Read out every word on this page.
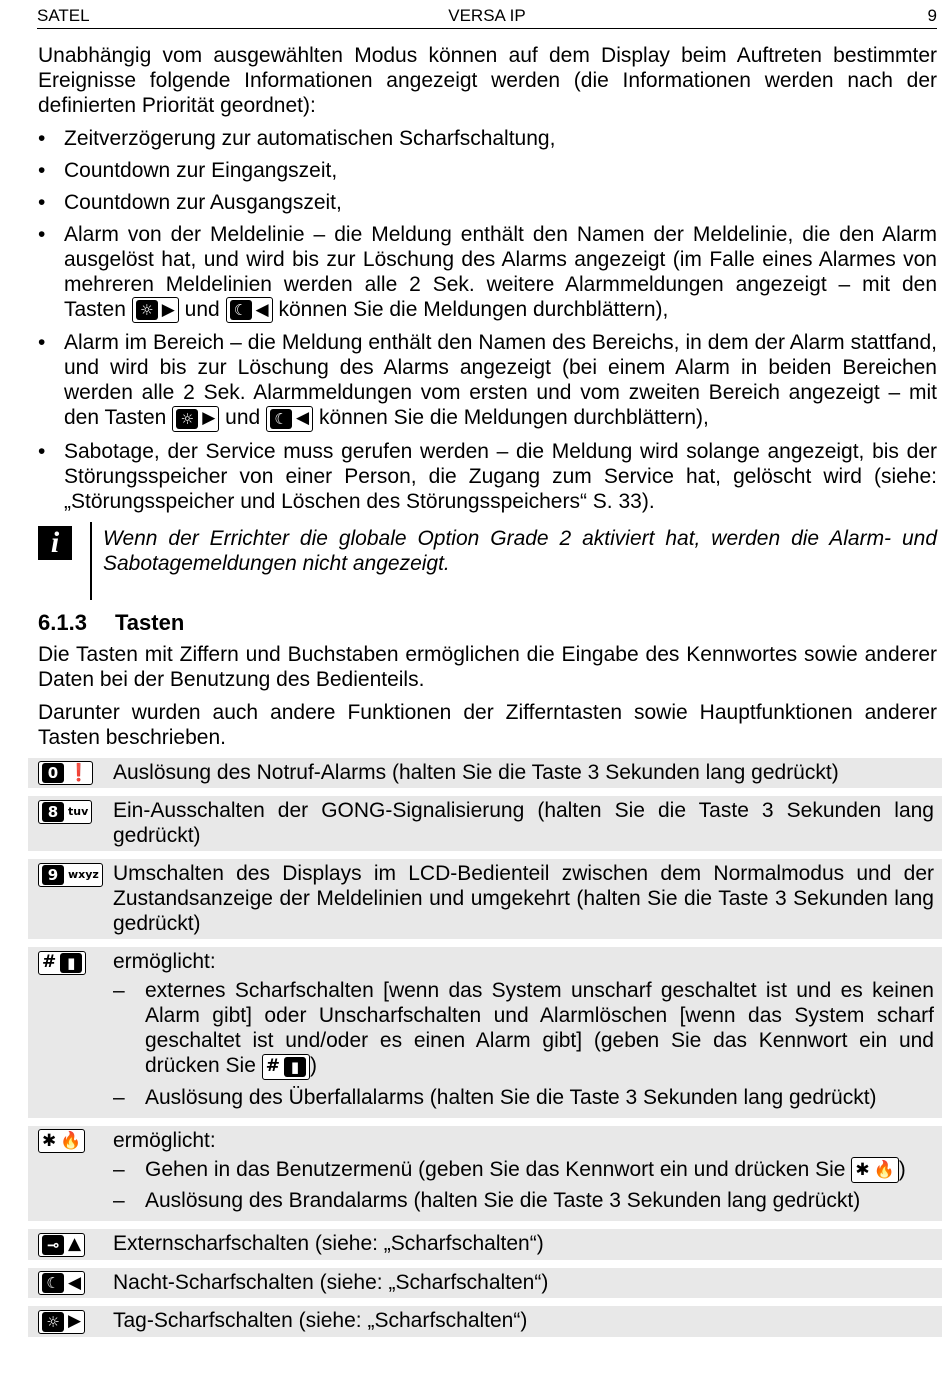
SATEL	VERSA IP	9

Unabhängig vom ausgewählten Modus können auf dem Display beim Auftreten bestimmter Ereignisse folgende Informationen angezeigt werden (die Informationen werden nach der definierten Priorität geordnet):

• Zeitverzögerung zur automatischen Scharfschaltung,
• Countdown zur Eingangszeit,
• Countdown zur Ausgangszeit,
• Alarm von der Meldelinie – die Meldung enthält den Namen der Meldelinie, die den Alarm ausgelöst hat, und wird bis zur Löschung des Alarms angezeigt (im Falle eines Alarmes von mehreren Meldelinien werden alle 2 Sek. weitere Alarmmeldungen angezeigt – mit den Tasten ☼ ▶ und ☾ ◀ können Sie die Meldungen durchblättern),
• Alarm im Bereich – die Meldung enthält den Namen des Bereichs, in dem der Alarm stattfand, und wird bis zur Löschung des Alarms angezeigt (bei einem Alarm in beiden Bereichen werden alle 2 Sek. Alarmmeldungen vom ersten und vom zweiten Bereich angezeigt – mit den Tasten ☼ ▶ und ☾ ◀ können Sie die Meldungen durchblättern),
• Sabotage, der Service muss gerufen werden – die Meldung wird solange angezeigt, bis der Störungsspeicher von einer Person, die Zugang zum Service hat, gelöscht wird (siehe: „Störungsspeicher und Löschen des Störungsspeichers“ S. 33).
i	Wenn der Errichter die globale Option Grade 2 aktiviert hat, werden die Alarm- und Sabotagemeldungen nicht angezeigt.
6.1.3 Tasten

Die Tasten mit Ziffern und Buchstaben ermöglichen die Eingabe des Kennwortes sowie anderer Daten bei der Benutzung des Bedienteils.

Darunter wurden auch andere Funktionen der Zifferntasten sowie Hauptfunktionen anderer Tasten beschrieben.

0 ❗ Auslösung des Notruf-Alarms (halten Sie die Taste 3 Sekunden lang gedrückt)
8 tuv Ein-Ausschalten der GONG-Signalisierung (halten Sie die Taste 3 Sekunden lang gedrückt)
9 wxyz Umschalten des Displays im LCD-Bedienteil zwischen dem Normalmodus und der Zustandsanzeige der Meldelinien und umgekehrt (halten Sie die Taste 3 Sekunden lang gedrückt)
# ▮	ermöglicht:
– externes Scharfschalten [wenn das System unscharf geschaltet ist und es keinen Alarm gibt] oder Unscharfschalten und Alarmlöschen [wenn das System scharf geschaltet ist und/oder es einen Alarm gibt] (geben Sie das Kennwort ein und drücken Sie # ▮ )
– Auslösung des Überfallalarms (halten Sie die Taste 3 Sekunden lang gedrückt)
✱ 🔥 ermöglicht:
– Gehen in das Benutzermenü (geben Sie das Kennwort ein und drücken Sie ✱ 🔥 )
– Auslösung des Brandalarms (halten Sie die Taste 3 Sekunden lang gedrückt)
⊸ ▲ Externscharfschalten (siehe: „Scharfschalten“)
☾ ◀ Nacht-Scharfschalten (siehe: „Scharfschalten“)
☼ ▶ Tag-Scharfschalten (siehe: „Scharfschalten“)
